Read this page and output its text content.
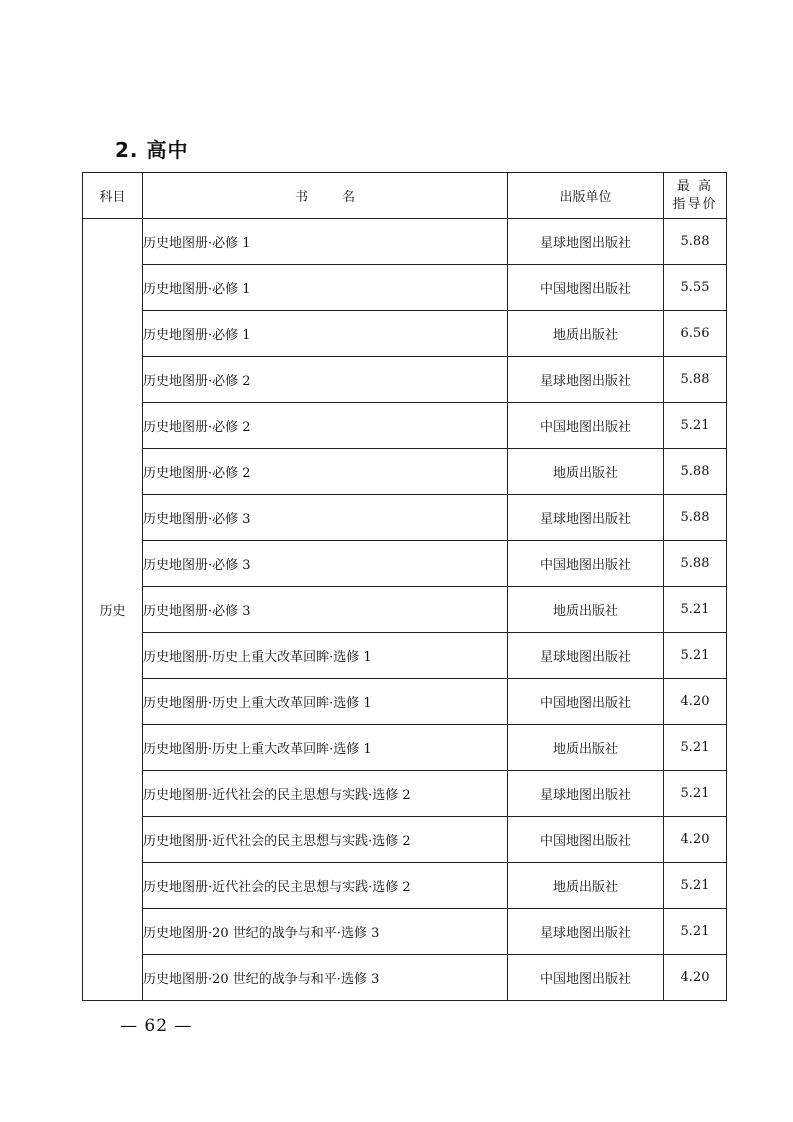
2. 高中
科目	书名	出版单位	最 高
指导价

历史	历史地图册·必修 1	星球地图出版社	5.88
	历史地图册·必修 1	中国地图出版社	5.55
	历史地图册·必修 1	地质出版社	6.56
	历史地图册·必修 2	星球地图出版社	5.88
	历史地图册·必修 2	中国地图出版社	5.21
	历史地图册·必修 2	地质出版社	5.88
	历史地图册·必修 3	星球地图出版社	5.88
	历史地图册·必修 3	中国地图出版社	5.88
	历史地图册·必修 3	地质出版社	5.21
	历史地图册·历史上重大改革回眸·选修 1	星球地图出版社	5.21
	历史地图册·历史上重大改革回眸·选修 1	中国地图出版社	4.20
	历史地图册·历史上重大改革回眸·选修 1	地质出版社	5.21
	历史地图册·近代社会的民主思想与实践·选修 2	星球地图出版社	5.21
	历史地图册·近代社会的民主思想与实践·选修 2	中国地图出版社	4.20
	历史地图册·近代社会的民主思想与实践·选修 2	地质出版社	5.21
	历史地图册·20 世纪的战争与和平·选修 3	星球地图出版社	5.21
	历史地图册·20 世纪的战争与和平·选修 3	中国地图出版社	4.20
— 62 —
